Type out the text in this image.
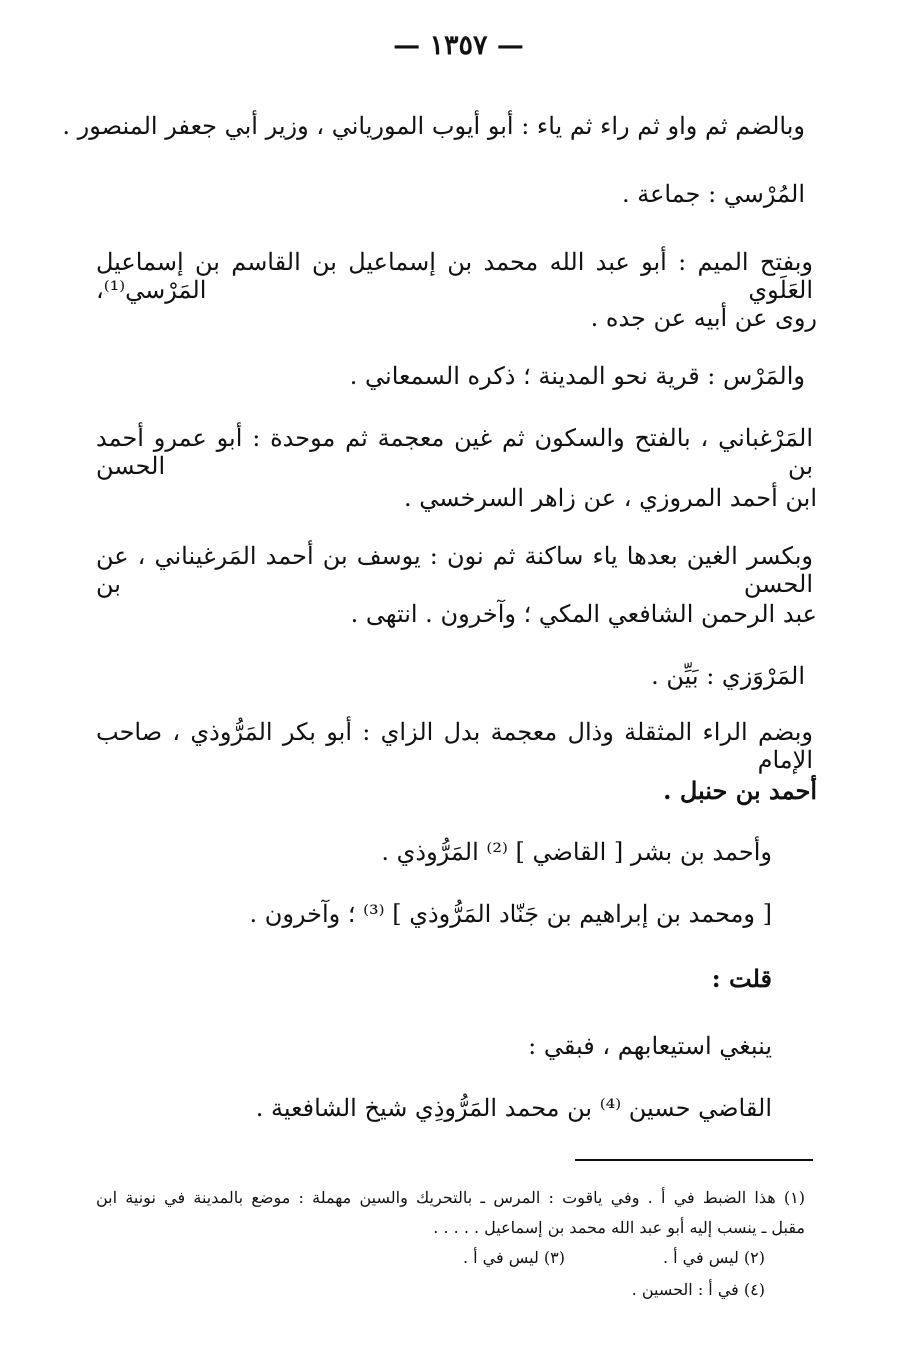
— ١٣٥٧ —
وبالضم ثم واو ثم راء ثم ياء : أبو أيوب المورياني ، وزير أبي جعفر المنصور .
المُرْسي : جماعة .
وبفتح الميم : أبو عبد الله محمد بن إسماعيل بن القاسم بن إسماعيل العَلَوي المَرْسي⁽¹⁾،
روى عن أبيه عن جده .
والمَرْس : قرية نحو المدينة ؛ ذكره السمعاني .
المَرْغباني ، بالفتح والسكون ثم غين معجمة ثم موحدة : أبو عمرو أحمد بن الحسن
ابن أحمد المروزي ، عن زاهر السرخسي .
وبكسر الغين بعدها ياء ساكنة ثم نون : يوسف بن أحمد المَرغيناني ، عن الحسن بن
عبد الرحمن الشافعي المكي ؛ وآخرون . انتهى .
المَرْوَزي : بَيِّن .
وبضم الراء المثقلة وذال معجمة بدل الزاي : أبو بكر المَرُّوذي ، صاحب الإمام
أحمد بن حنبل .
وأحمد بن بشر [ القاضي ] ⁽²⁾ المَرُّوذي .
[ ومحمد بن إبراهيم بن جَنّاد المَرُّوذي ] ⁽³⁾ ؛ وآخرون .
قلت :
ينبغي استيعابهم ، فبقي :
القاضي حسين ⁽⁴⁾ بن محمد المَرُّوذِي شيخ الشافعية .
(١) هذا الضبط في أ . وفي ياقوت : المرس ـ بالتحريك والسين مهملة : موضع بالمدينة في نونية ابن
مقبل ـ ينسب إليه أبو عبد الله محمد بن إسماعيل . . . . .
(٢) ليس في أ .
(٣) ليس في أ .
(٤) في أ : الحسين .
